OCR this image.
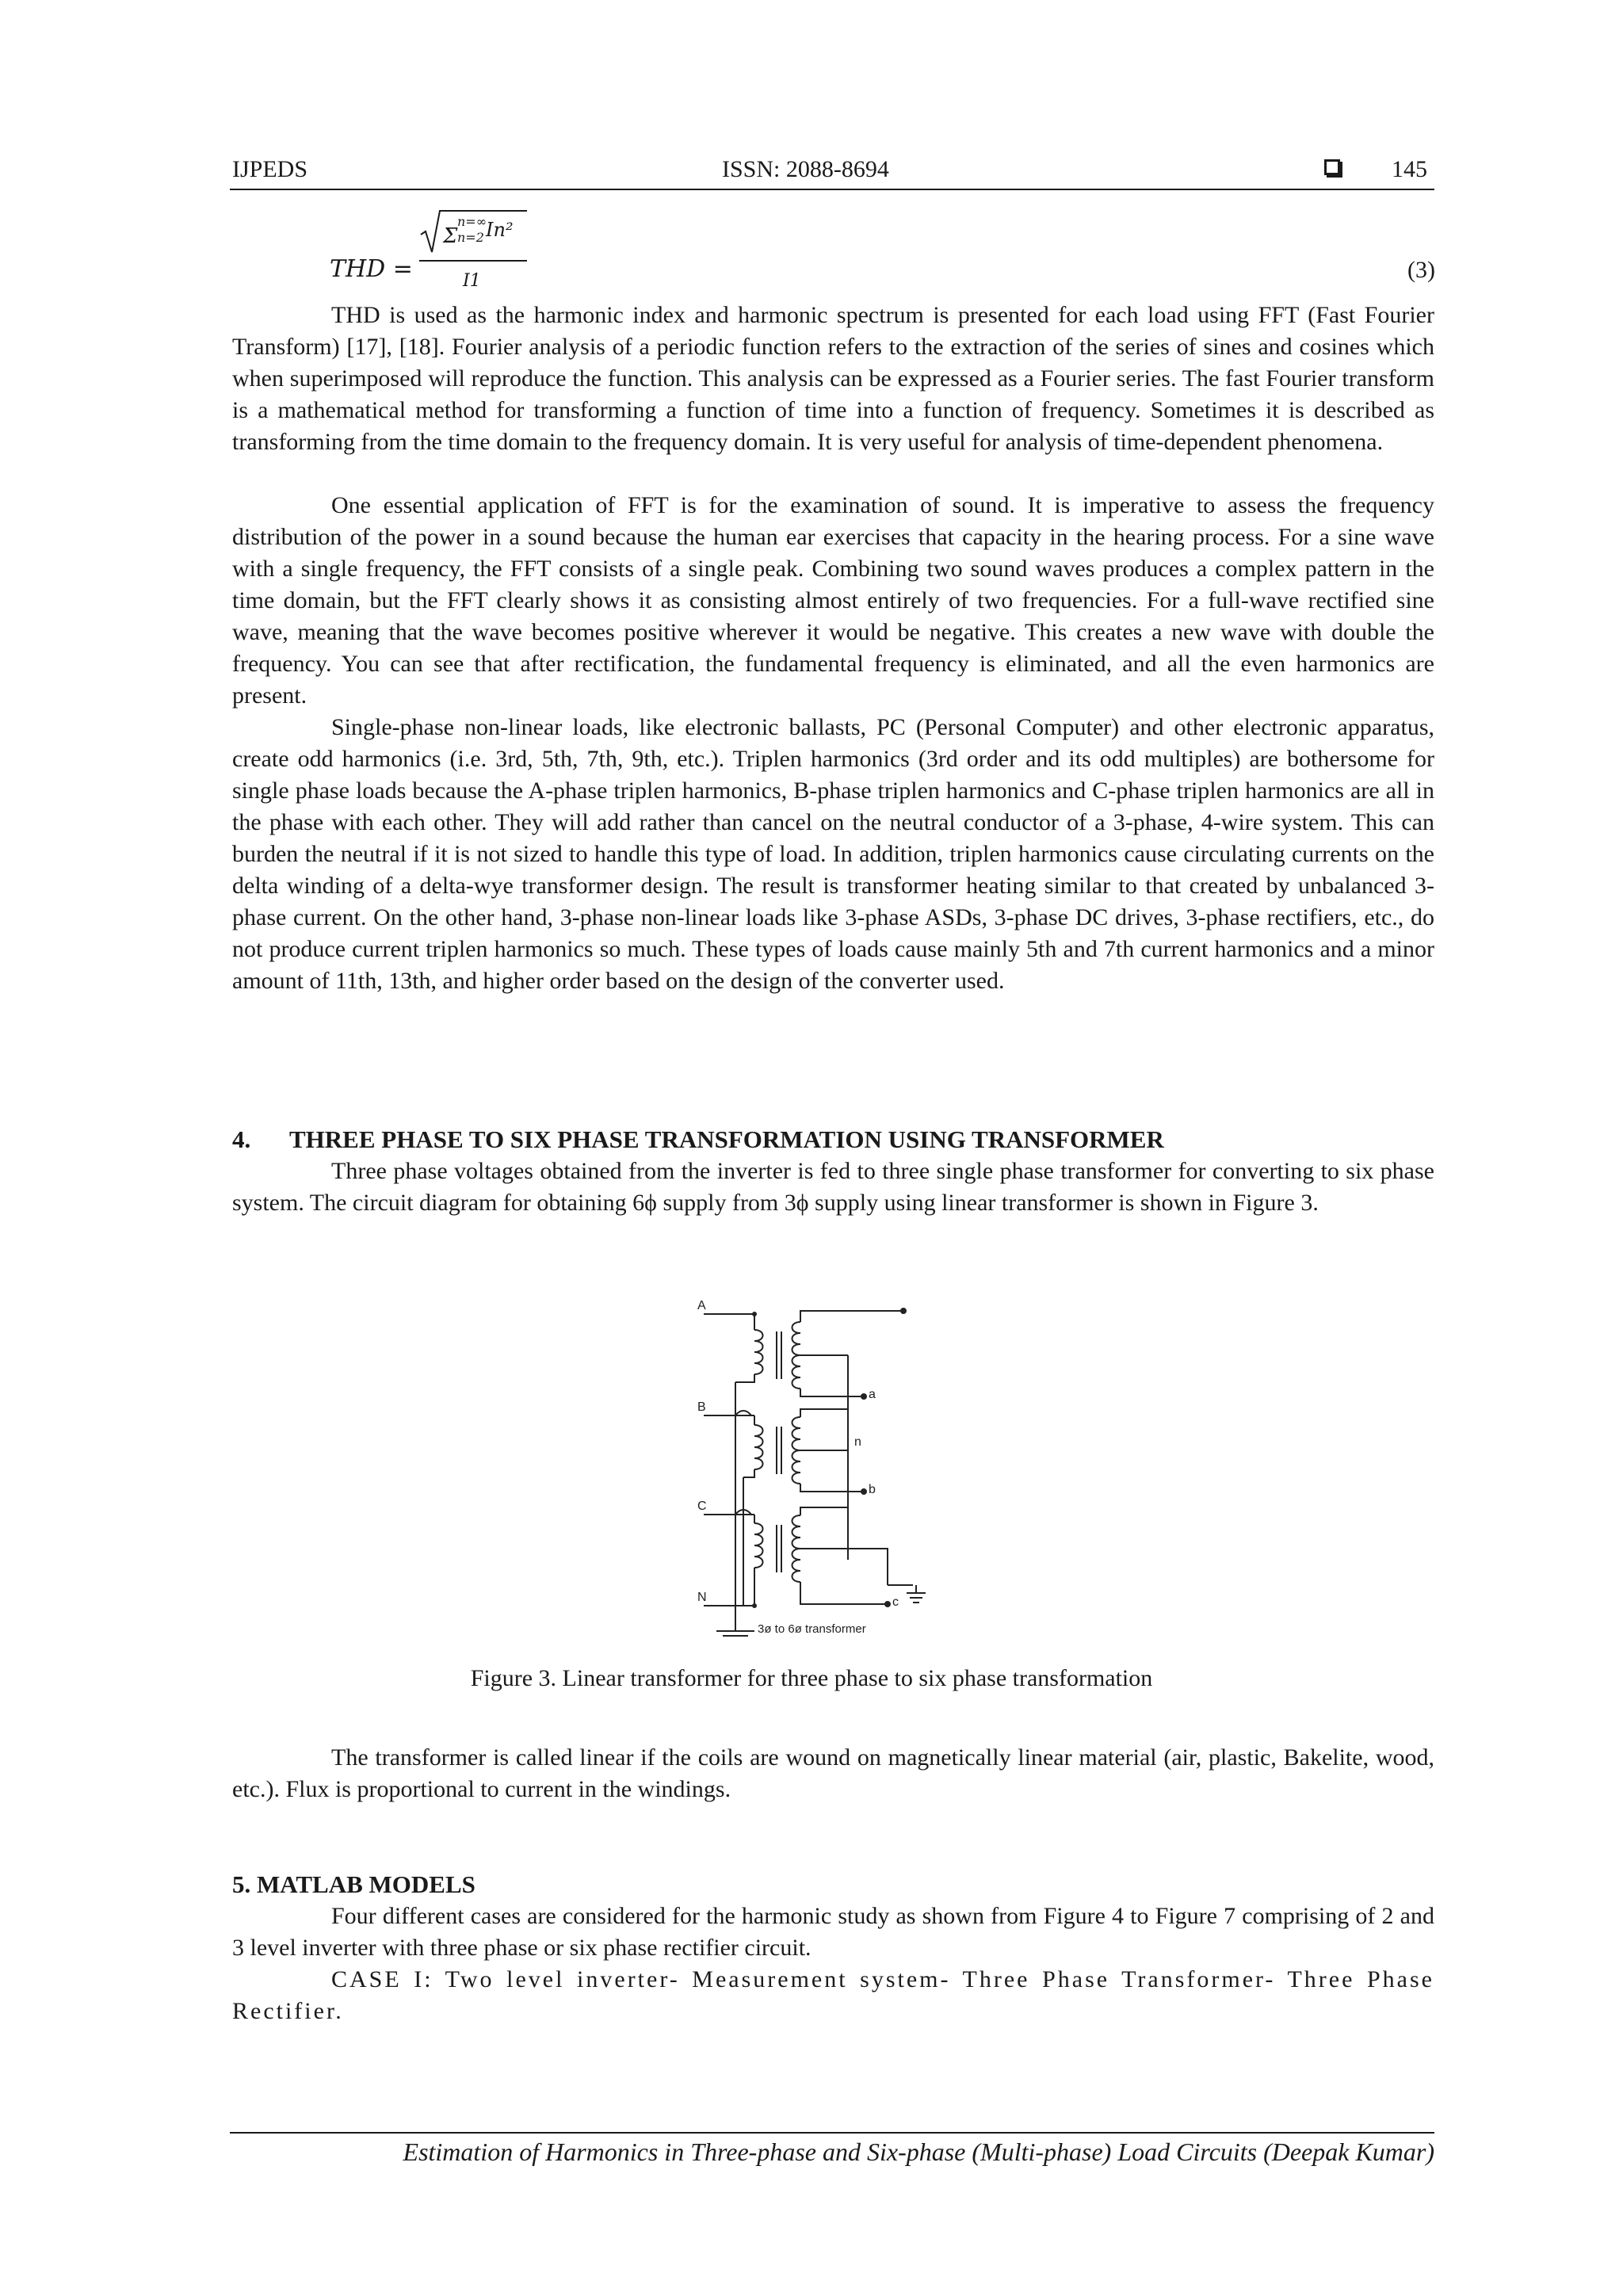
IJPEDS	ISSN: 2088-8694	145
THD =
Σ
n=∞
n=2 In²
I1	(3)

THD is used as the harmonic index and harmonic spectrum is presented for each load using FFT (Fast Fourier Transform) [17], [18]. Fourier analysis of a periodic function refers to the extraction of the series of sines and cosines which when superimposed will reproduce the function. This analysis can be expressed as a Fourier series. The fast Fourier transform is a mathematical method for transforming a function of time into a function of frequency. Sometimes it is described as transforming from the time domain to the frequency domain. It is very useful for analysis of time-dependent phenomena.

One essential application of FFT is for the examination of sound. It is imperative to assess the frequency distribution of the power in a sound because the human ear exercises that capacity in the hearing process. For a sine wave with a single frequency, the FFT consists of a single peak. Combining two sound waves produces a complex pattern in the time domain, but the FFT clearly shows it as consisting almost entirely of two frequencies. For a full-wave rectified sine wave, meaning that the wave becomes positive wherever it would be negative. This creates a new wave with double the frequency. You can see that after rectification, the fundamental frequency is eliminated, and all the even harmonics are present.

Single-phase non-linear loads, like electronic ballasts, PC (Personal Computer) and other electronic apparatus, create odd harmonics (i.e. 3rd, 5th, 7th, 9th, etc.). Triplen harmonics (3rd order and its odd multiples) are bothersome for single phase loads because the A-phase triplen harmonics, B-phase triplen harmonics and C-phase triplen harmonics are all in the phase with each other. They will add rather than cancel on the neutral conductor of a 3-phase, 4-wire system. This can burden the neutral if it is not sized to handle this type of load. In addition, triplen harmonics cause circulating currents on the delta winding of a delta-wye transformer design. The result is transformer heating similar to that created by unbalanced 3-phase current. On the other hand, 3-phase non-linear loads like 3-phase ASDs, 3-phase DC drives, 3-phase rectifiers, etc., do not produce current triplen harmonics so much. These types of loads cause mainly 5th and 7th current harmonics and a minor amount of 11th, 13th, and higher order based on the design of the converter used.

4. THREE PHASE TO SIX PHASE TRANSFORMATION USING TRANSFORMER

Three phase voltages obtained from the inverter is fed to three single phase transformer for converting to six phase system. The circuit diagram for obtaining 6ϕ supply from 3ϕ supply using linear transformer is shown in Figure 3.

A
B
C
N
a
n
b
c
3ø to 6ø transformer
Figure 3. Linear transformer for three phase to six phase transformation

The transformer is called linear if the coils are wound on magnetically linear material (air, plastic, Bakelite, wood, etc.). Flux is proportional to current in the windings.

5. MATLAB MODELS

Four different cases are considered for the harmonic study as shown from Figure 4 to Figure 7 comprising of 2 and 3 level inverter with three phase or six phase rectifier circuit.

CASE I: Two level inverter- Measurement system- Three Phase Transformer- Three Phase Rectifier.

Estimation of Harmonics in Three-phase and Six-phase (Multi-phase) Load Circuits (Deepak Kumar)
